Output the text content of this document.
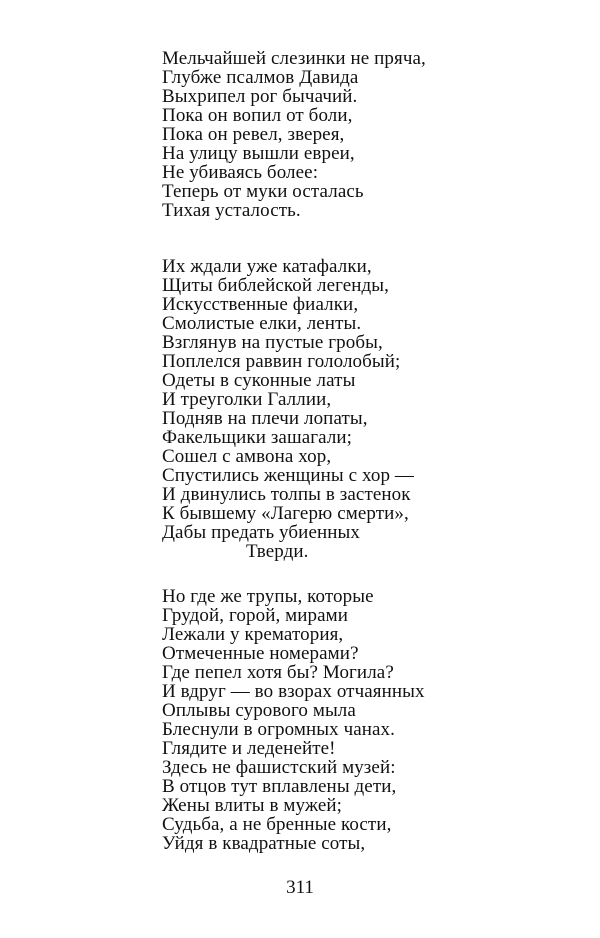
Мельчайшей слезинки не пряча,
Глубже псалмов Давида
Выхрипел рог бычачий.
Пока он вопил от боли,
Пока он ревел, зверея,
На улицу вышли евреи,
Не убиваясь более:
Теперь от муки осталась
Тихая усталость.
Их ждали уже катафалки,
Щиты библейской легенды,
Искусственные фиалки,
Смолистые елки, ленты.
Взглянув на пустые гробы,
Поплелся раввин гололобый;
Одеты в суконные латы
И треуголки Галлии,
Подняв на плечи лопаты,
Факельщики зашагали;
Сошел с амвона хор,
Спустились женщины с хор —
И двинулись толпы в застенок
К бывшему «Лагерю смерти»,
Дабы предать убиенных
Тверди.
Но где же трупы, которые
Грудой, горой, мирами
Лежали у крематория,
Отмеченные номерами?
Где пепел хотя бы? Могила?
И вдруг — во взорах отчаянных
Оплывы сурового мыла
Блеснули в огромных чанах.
Глядите и леденейте!
Здесь не фашистский музей:
В отцов тут вплавлены дети,
Жены влиты в мужей;
Судьба, а не бренные кости,
Уйдя в квадратные соты,
311
